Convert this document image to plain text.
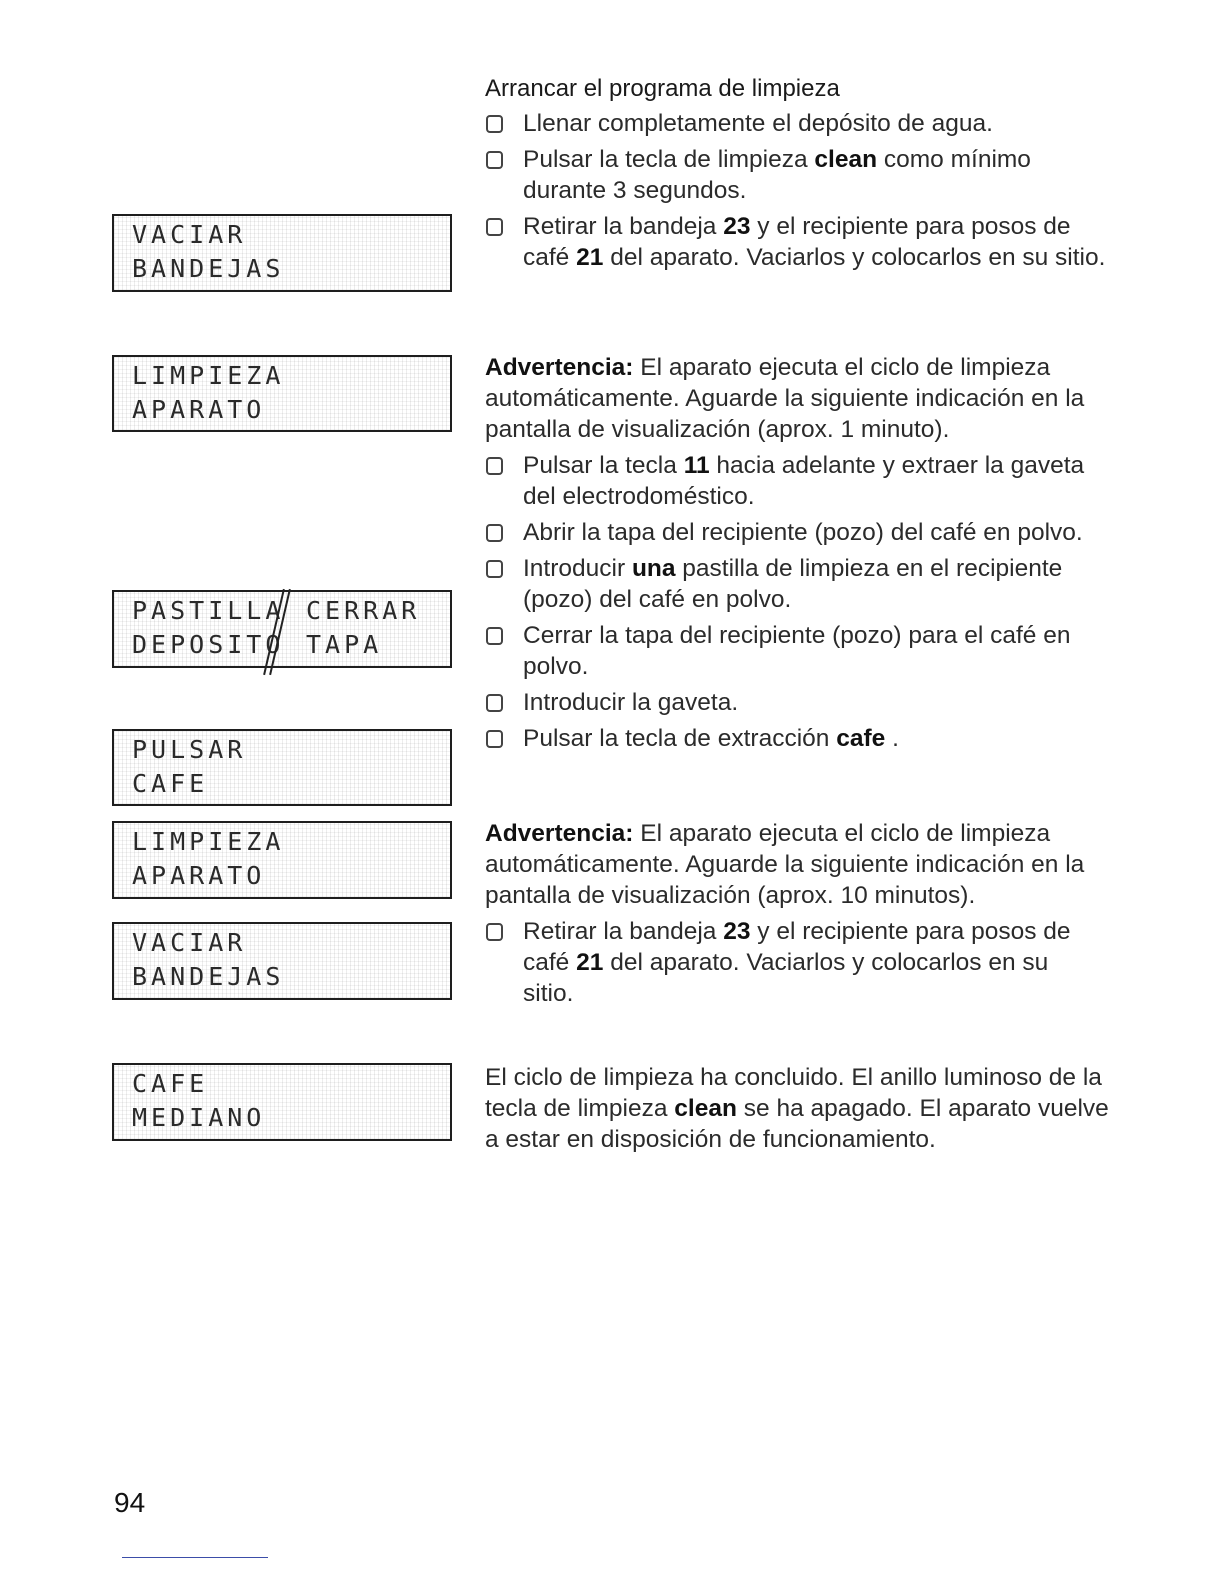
VACIAR
BANDEJAS
LIMPIEZA
APARATO
PASTILLA
DEPOSITO
CERRAR
TAPA
PULSAR
CAFE
LIMPIEZA
APARATO
VACIAR
BANDEJAS
CAFE
MEDIANO
Arrancar el programa de limpieza
Llenar completamente el depósito de agua.
Pulsar la tecla de limpieza clean como mínimo durante 3 segundos.
Retirar la bandeja 23 y el recipiente para posos de café 21 del aparato. Vaciarlos y colocarlos en su sitio.
Advertencia: El aparato ejecuta el ciclo de limpieza automáticamente. Aguarde la siguiente indicación en la pantalla de visualización (aprox. 1 minuto).
Pulsar la tecla 11 hacia adelante y extraer la gaveta del electrodoméstico.
Abrir la tapa del recipiente (pozo) del café en polvo.
Introducir una pastilla de limpieza en el recipiente (pozo) del café en polvo.
Cerrar la tapa del recipiente (pozo) para el café en polvo.
Introducir la gaveta.
Pulsar la tecla de extracción cafe .
Advertencia: El aparato ejecuta el ciclo de limpieza automáticamente. Aguarde la siguiente indicación en la pantalla de visualización (aprox. 10 minutos).
Retirar la bandeja 23 y el recipiente para posos de café 21 del aparato. Vaciarlos y colocarlos en su sitio.
El ciclo de limpieza ha concluido. El anillo luminoso de la tecla de limpieza clean se ha apagado. El aparato vuelve a estar en disposición de funcionamiento.
94
